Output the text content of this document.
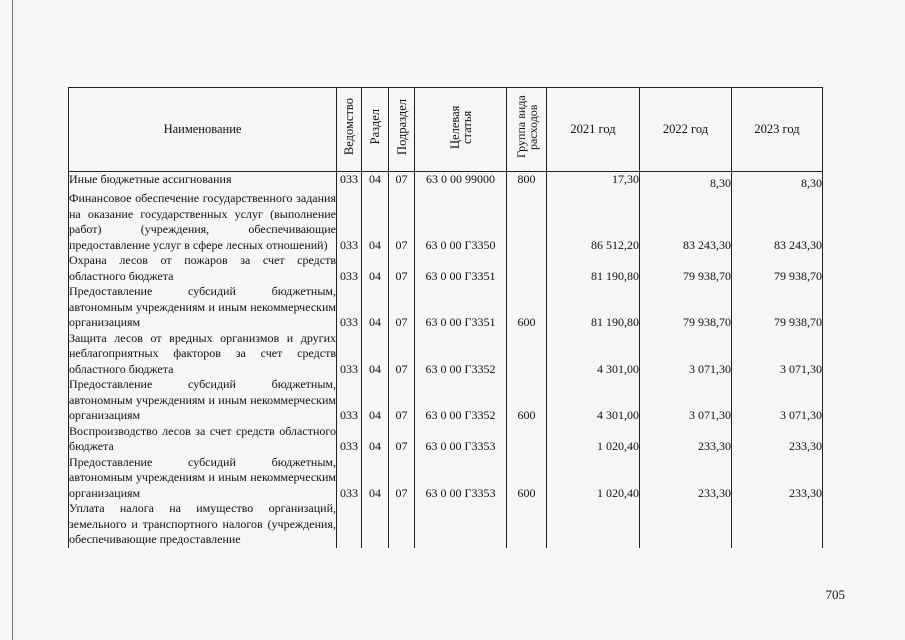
Наименование	Ведомство	Раздел	Подраздел	Целевая статья	Группа вида расходов	2021 год	2022 год	2023 год
Иные бюджетные ассигнования	033	04	07	63 0 00 99000	800	17,30	8,30	8,30
Финансовое обеспечение государственного задания на оказание государственных услуг (выполнение работ) (учреждения, обеспечивающие предоставление услуг в сфере лесных отношений)	033	04	07	63 0 00 Г3350		86 512,20	83 243,30	83 243,30
Охрана лесов от пожаров за счет средств областного бюджета	033	04	07	63 0 00 Г3351		81 190,80	79 938,70	79 938,70
Предоставление субсидий бюджетным, автономным учреждениям и иным некоммерческим организациям	033	04	07	63 0 00 Г3351	600	81 190,80	79 938,70	79 938,70
Защита лесов от вредных организмов и других неблагоприятных факторов за счет средств областного бюджета	033	04	07	63 0 00 Г3352		4 301,00	3 071,30	3 071,30
Предоставление субсидий бюджетным, автономным учреждениям и иным некоммерческим организациям	033	04	07	63 0 00 Г3352	600	4 301,00	3 071,30	3 071,30
Воспроизводство лесов за счет средств областного бюджета	033	04	07	63 0 00 Г3353		1 020,40	233,30	233,30
Предоставление субсидий бюджетным, автономным учреждениям и иным некоммерческим организациям	033	04	07	63 0 00 Г3353	600	1 020,40	233,30	233,30
Уплата налога на имущество организаций, земельного и транспортного налогов (учреждения, обеспечивающие предоставление								
705
